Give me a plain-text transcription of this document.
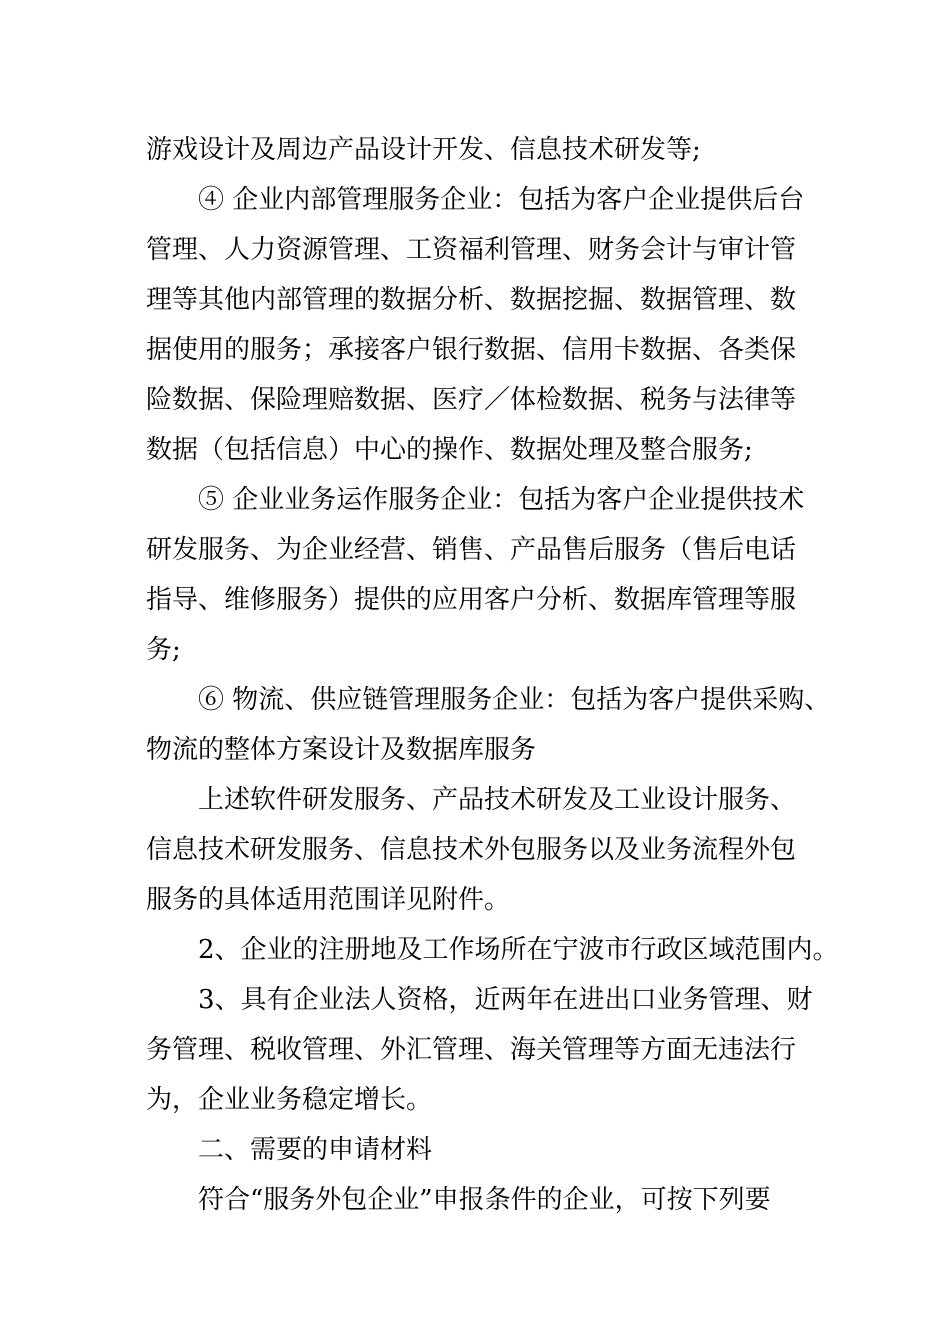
游戏设计及周边产品设计开发、信息技术研发等;
④ 企业内部管理服务企业：包括为客户企业提供后台
管理、人力资源管理、工资福利管理、财务会计与审计管
理等其他内部管理的数据分析、数据挖掘、数据管理、数
据使用的服务；承接客户银行数据、信用卡数据、各类保
险数据、保险理赔数据、医疗／体检数据、税务与法律等
数据（包括信息）中心的操作、数据处理及整合服务;
⑤ 企业业务运作服务企业：包括为客户企业提供技术
研发服务、为企业经营、销售、产品售后服务（售后电话
指导、维修服务）提供的应用客户分析、数据库管理等服
务;
⑥ 物流、供应链管理服务企业：包括为客户提供采购、
物流的整体方案设计及数据库服务
上述软件研发服务、产品技术研发及工业设计服务、
信息技术研发服务、信息技术外包服务以及业务流程外包
服务的具体适用范围详见附件。
2、企业的注册地及工作场所在宁波市行政区域范围内。
3、具有企业法人资格，近两年在进出口业务管理、财
务管理、税收管理、外汇管理、海关管理等方面无违法行
为，企业业务稳定增长。
二、需要的申请材料
符合“服务外包企业”申报条件的企业，可按下列要
